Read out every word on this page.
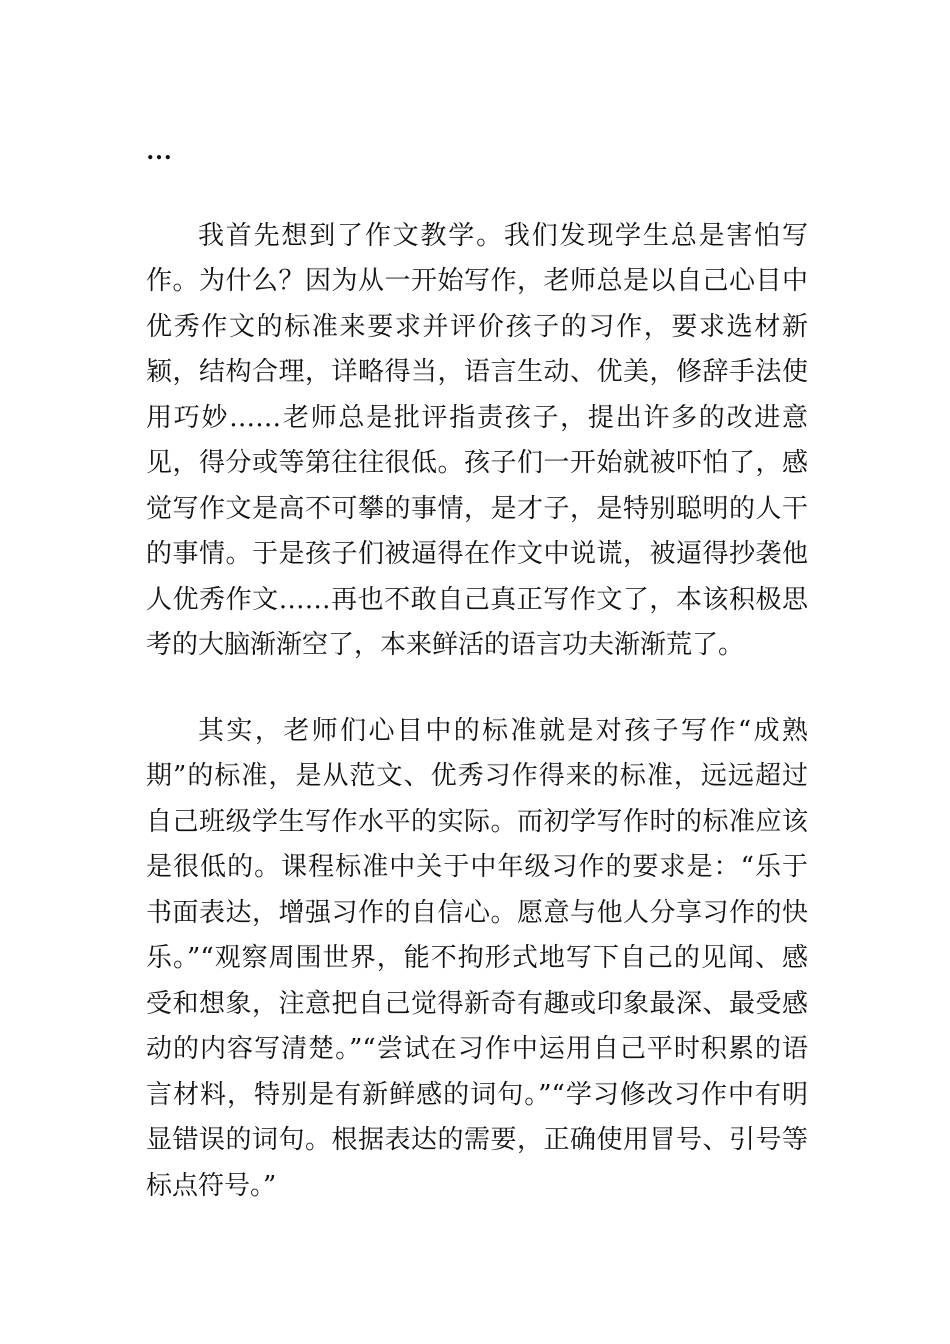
…

我首先想到了作文教学。我们发现学生总是害怕写作。为什么？因为从一开始写作，老师总是以自己心目中优秀作文的标准来要求并评价孩子的习作，要求选材新颖，结构合理，详略得当，语言生动、优美，修辞手法使用巧妙……老师总是批评指责孩子，提出许多的改进意见，得分或等第往往很低。孩子们一开始就被吓怕了，感觉写作文是高不可攀的事情，是才子，是特别聪明的人干的事情。于是孩子们被逼得在作文中说谎，被逼得抄袭他人优秀作文……再也不敢自己真正写作文了，本该积极思考的大脑渐渐空了，本来鲜活的语言功夫渐渐荒了。

其实，老师们心目中的标准就是对孩子写作“成熟期”的标准，是从范文、优秀习作得来的标准，远远超过自己班级学生写作水平的实际。而初学写作时的标准应该是很低的。课程标准中关于中年级习作的要求是：“乐于书面表达，增强习作的自信心。愿意与他人分享习作的快乐。”“观察周围世界，能不拘形式地写下自己的见闻、感受和想象，注意把自己觉得新奇有趣或印象最深、最受感动的内容写清楚。”“尝试在习作中运用自己平时积累的语言材料，特别是有新鲜感的词句。”“学习修改习作中有明显错误的词句。根据表达的需要，正确使用冒号、引号等标点符号。”
